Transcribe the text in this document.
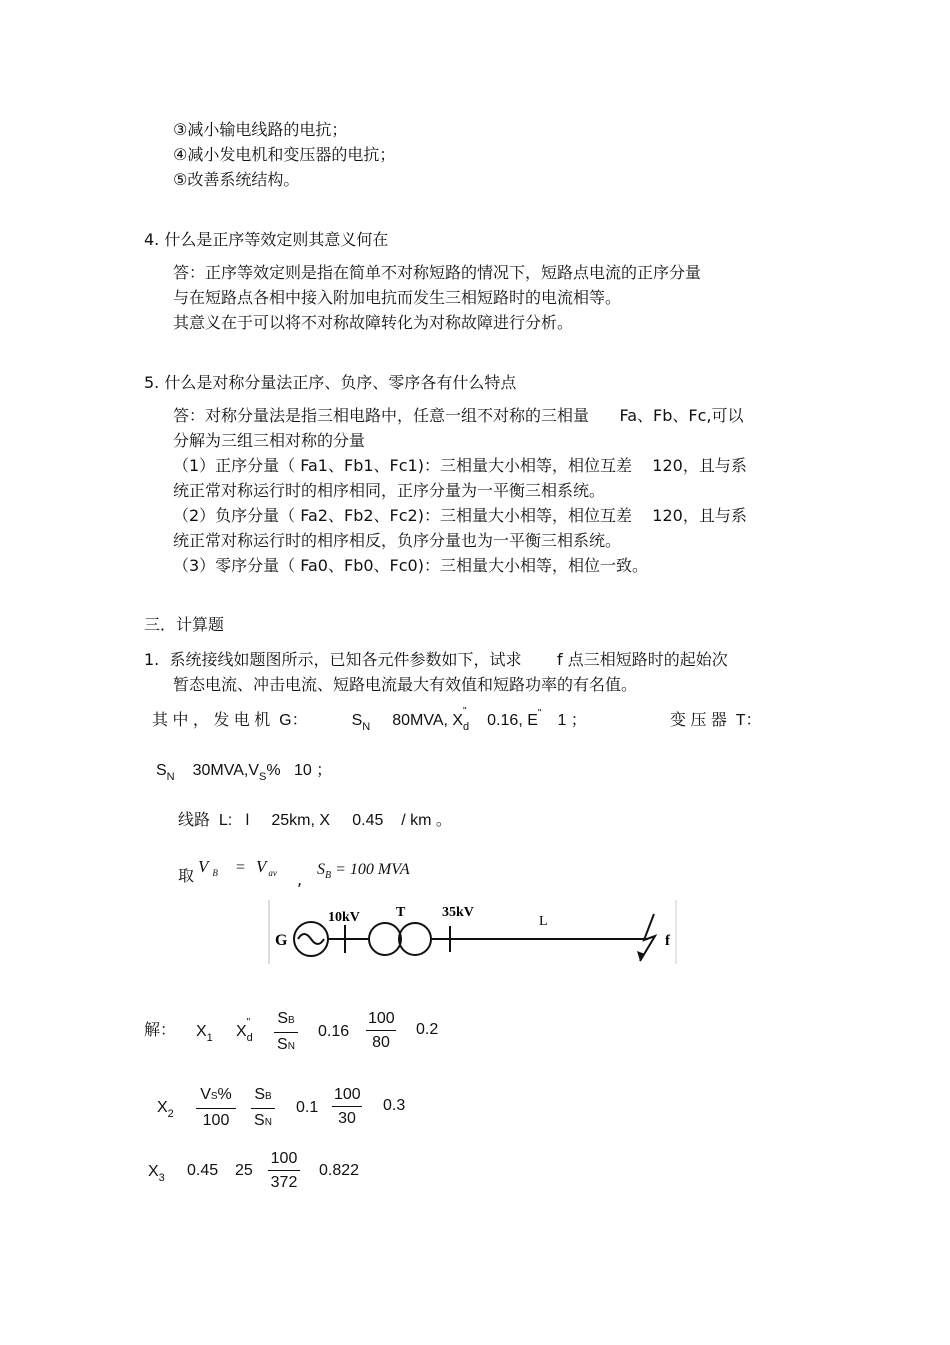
③减小输电线路的电抗；
④减小发电机和变压器的电抗；
⑤改善系统结构。
4. 什么是正序等效定则其意义何在
答：正序等效定则是指在简单不对称短路的情况下，短路点电流的正序分量
与在短路点各相中接入附加电抗而发生三相短路时的电流相等。
其意义在于可以将不对称故障转化为对称故障进行分析。
5. 什么是对称分量法正序、负序、零序各有什么特点
答：对称分量法是指三相电路中，任意一组不对称的三相量      Fa、Fb、Fc,可以
分解为三组三相对称的分量
（1）正序分量（ Fa1、Fb1、Fc1)：三相量大小相等，相位互差    120，且与系
统正常对称运行时的相序相同，正序分量为一平衡三相系统。
（2）负序分量（ Fa2、Fb2、Fc2)：三相量大小相等，相位互差    120，且与系
统正常对称运行时的相序相反，负序分量也为一平衡三相系统。
（3）零序分量（ Fa0、Fb0、Fc0)：三相量大小相等，相位一致。
三．计算题
1.  系统接线如题图所示，已知各元件参数如下，试求       f 点三相短路时的起始次
暂态电流、冲击电流、短路电流最大有效值和短路功率的有名值。
其 中 ， 发 电 机  G：	$S_N$ 80MVA, X
"
$_d$ 0.16, E" 1 ；	变 压 器  T：
$S_N$ $30MVA,V_S\%$   10 ；
线路  L:   l     25km, X     0.45    / km 。
取 V $_B$ = V $_{av}$ ,
$S_B = 100$ MVA
G
10kV	T	35kV
L
f
解： $X_1$ X
"
$_d \frac{SB}{SN} 0.16 \frac{100}{80} 0.2$
$X_2 \frac{VS\%}{100} \frac{SB}{SN} 0.1 \frac{100}{30} 0.3$
$X_3$ 0.45 $25 \frac{100}{372} 0.822$
